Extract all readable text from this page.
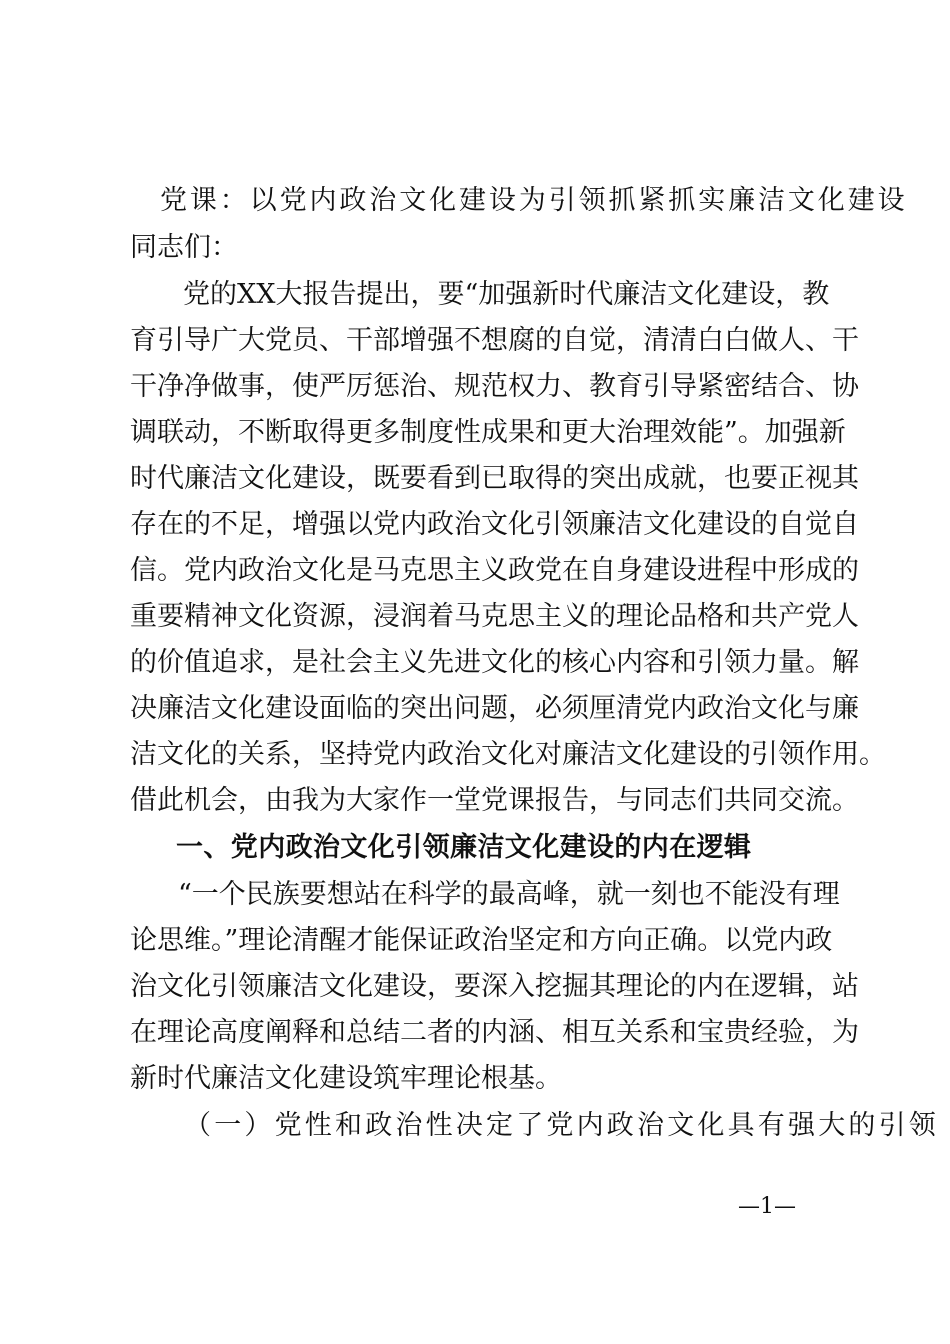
党课：以党内政治文化建设为引领抓紧抓实廉洁文化建设
同志们：
党的XX大报告提出，要“加强新时代廉洁文化建设，教
育引导广大党员、干部增强不想腐的自觉，清清白白做人、干
干净净做事，使严厉惩治、规范权力、教育引导紧密结合、协
调联动，不断取得更多制度性成果和更大治理效能”。加强新
时代廉洁文化建设，既要看到已取得的突出成就，也要正视其
存在的不足，增强以党内政治文化引领廉洁文化建设的自觉自
信。党内政治文化是马克思主义政党在自身建设进程中形成的
重要精神文化资源，浸润着马克思主义的理论品格和共产党人
的价值追求，是社会主义先进文化的核心内容和引领力量。解
决廉洁文化建设面临的突出问题，必须厘清党内政治文化与廉
洁文化的关系，坚持党内政治文化对廉洁文化建设的引领作用。
借此机会，由我为大家作一堂党课报告，与同志们共同交流。
一、党内政治文化引领廉洁文化建设的内在逻辑
“一个民族要想站在科学的最高峰，就一刻也不能没有理
论思维。”理论清醒才能保证政治坚定和方向正确。以党内政
治文化引领廉洁文化建设，要深入挖掘其理论的内在逻辑，站
在理论高度阐释和总结二者的内涵、相互关系和宝贵经验，为
新时代廉洁文化建设筑牢理论根基。
（一）党性和政治性决定了党内政治文化具有强大的引领
—1—
